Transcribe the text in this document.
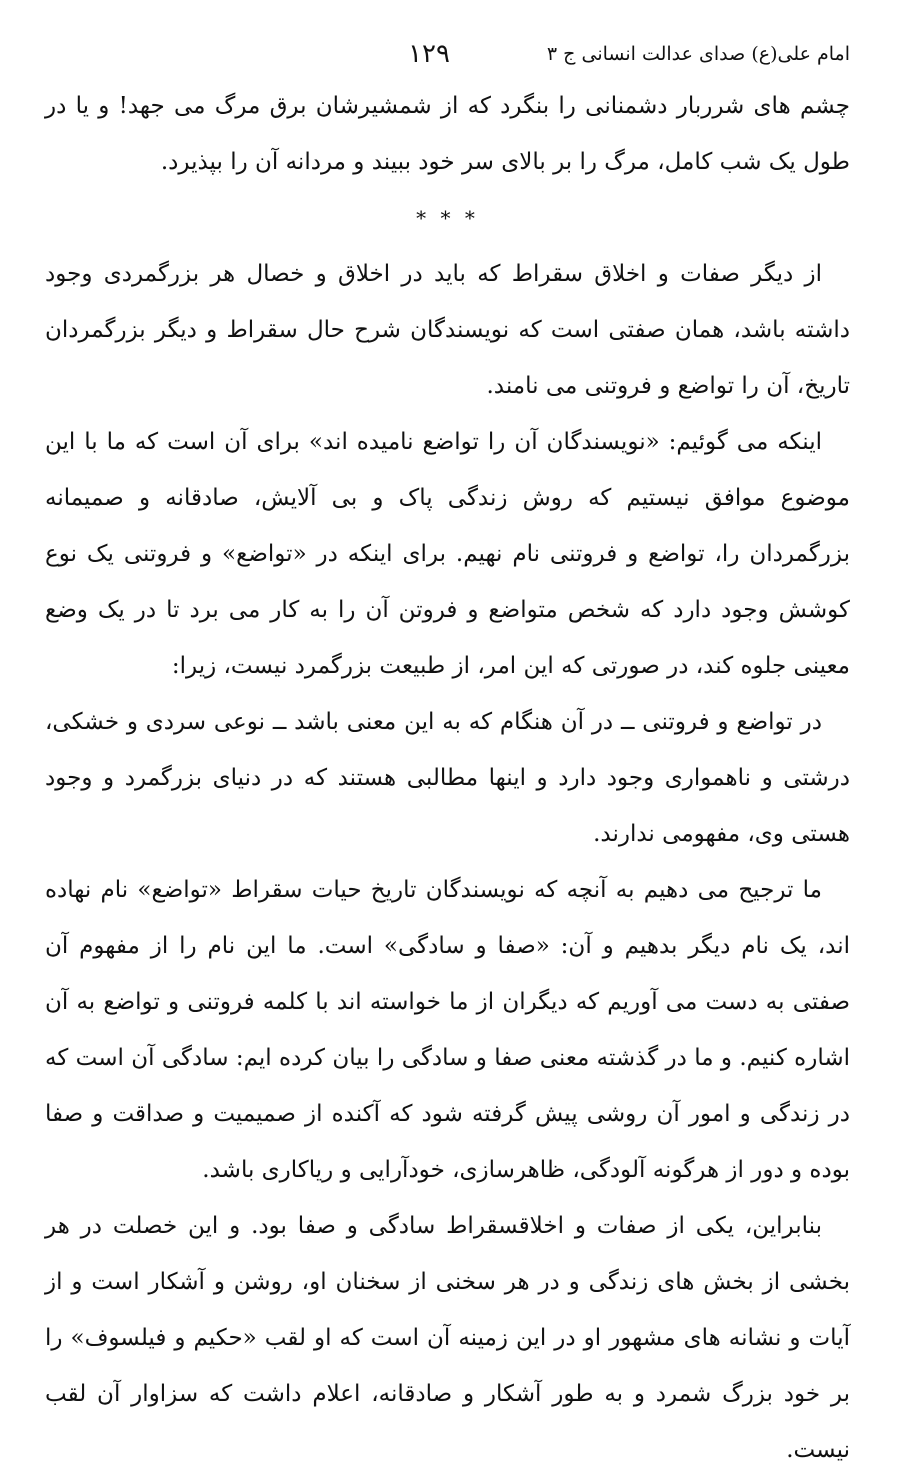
امام علی(ع) صدای عدالت انسانی ج ۳
۱۲۹

چشم های شرربار دشمنانی را بنگرد که از شمشیرشان برق مرگ می جهد! و یا در طول یک شب کامل، مرگ را بر بالای سر خود ببیند و مردانه آن را بپذیرد.

* * *

از دیگر صفات و اخلاق سقراط که باید در اخلاق و خصال هر بزرگمردی وجود داشته باشد، همان صفتی است که نویسندگان شرح حال سقراط و دیگر بزرگمردان تاریخ، آن را تواضع و فروتنی می نامند.

اینکه می گوئیم: «نویسندگان آن را تواضع نامیده اند» برای آن است که ما با این موضوع موافق نیستیم که روش زندگی پاک و بی آلایش، صادقانه و صمیمانه بزرگمردان را، تواضع و فروتنی نام نهیم. برای اینکه در «تواضع» و فروتنی یک نوع کوشش وجود دارد که شخص متواضع و فروتن آن را به کار می برد تا در یک وضع معینی جلوه کند، در صورتی که این امر، از طبیعت بزرگمرد نیست، زیرا:

در تواضع و فروتنی ــ در آن هنگام که به این معنی باشد ــ نوعی سردی و خشکی، درشتی و ناهمواری وجود دارد و اینها مطالبی هستند که در دنیای بزرگمرد و وجود هستی وی، مفهومی ندارند.

ما ترجیح می دهیم به آنچه که نویسندگان تاریخ حیات سقراط «تواضع» نام نهاده اند، یک نام دیگر بدهیم و آن: «صفا و سادگی» است. ما این نام را از مفهوم آن صفتی به دست می آوریم که دیگران از ما خواسته اند با کلمه فروتنی و تواضع به آن اشاره کنیم. و ما در گذشته معنی صفا و سادگی را بیان کرده ایم: سادگی آن است که در زندگی و امور آن روشی پیش گرفته شود که آکنده از صمیمیت و صداقت و صفا بوده و دور از هرگونه آلودگی، ظاهرسازی، خودآرایی و ریاکاری باشد.

بنابراین، یکی از صفات و اخلاقسقراط سادگی و صفا بود. و این خصلت در هر بخشی از بخش های زندگی و در هر سخنی از سخنان او، روشن و آشکار است و از آیات و نشانه های مشهور او در این زمینه آن است که او لقب «حکیم و فیلسوف» را بر خود بزرگ شمرد و به طور آشکار و صادقانه، اعلام داشت که سزاوار آن لقب نیست.
